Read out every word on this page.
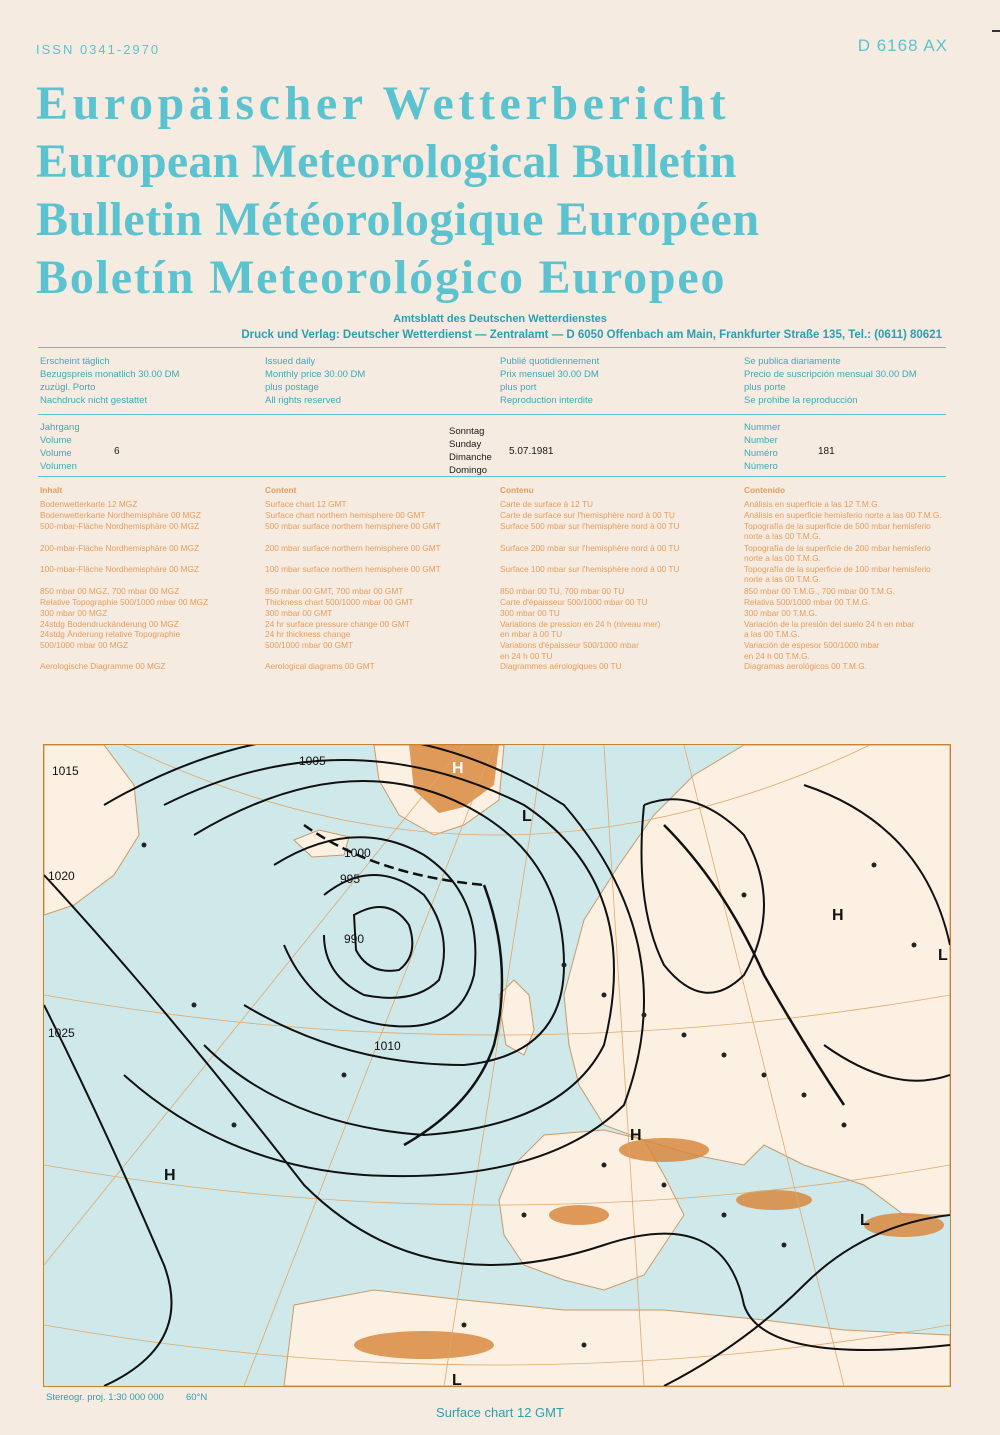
ISSN 0341-2970	D 6168 AX
Europäischer Wetterbericht
European Meteorological Bulletin
Bulletin Météorologique Européen
Boletín Meteorológico Europeo
Amtsblatt des Deutschen Wetterdienstes
Druck und Verlag: Deutscher Wetterdienst — Zentralamt — D 6050 Offenbach am Main, Frankfurter Straße 135, Tel.: (0611) 80621
Erscheint täglich
Bezugspreis monatlich 30.00 DM
zuzügl. Porto
Nachdruck nicht gestattet
Issued daily
Monthly price 30.00 DM
plus postage
All rights reserved
Publié quotidiennement
Prix mensuel 30.00 DM
plus port
Reproduction interdite
Se publica diariamente
Precio de suscripción mensual 30.00 DM
plus porte
Se prohibe la reproducción
Jahrgang
Volume
Volume
Volumen
6
Sonntag
Sunday
Dimanche
Domingo
5.07.1981
Nummer
Number
Numéro
Número
181
Inhalt
Bodenwetterkarte 12 MGZ
Bodenwetterkarte Nordhemisphäre 00 MGZ
500-mbar-Fläche Nordhemisphäre 00 MGZ
200-mbar-Fläche Nordhemisphäre 00 MGZ
100-mbar-Fläche Nordhemisphäre 00 MGZ
850 mbar 00 MGZ, 700 mbar 00 MGZ
Relative Topographie 500/1000 mbar 00 MGZ
300 mbar 00 MGZ
24stdg Bodendruckänderung 00 MGZ
24stdg Änderung relative Topographie
500/1000 mbar 00 MGZ
Aerologische Diagramme 00 MGZ
Content
Surface chart 12 GMT
Surface chart northern hemisphere 00 GMT
500 mbar surface northern hemisphere 00 GMT
200 mbar surface northern hemisphere 00 GMT
100 mbar surface northern hemisphere 00 GMT
850 mbar 00 GMT, 700 mbar 00 GMT
Thickness chart 500/1000 mbar 00 GMT
300 mbar 00 GMT
24 hr surface pressure change 00 GMT
24 hr thickness change
500/1000 mbar 00 GMT
Aerological diagrams 00 GMT
Contenu
Carte de surface à 12 TU
Carte de surface sur l'hemisphère nord à 00 TU
Surface 500 mbar sur l'hemisphère nord à 00 TU
Surface 200 mbar sur l'hemisphère nord à 00 TU
Surface 100 mbar sur l'hemisphère nord à 00 TU
850 mbar 00 TU, 700 mbar 00 TU
Carte d'épaisseur 500/1000 mbar 00 TU
300 mbar 00 TU
Variations de pression en 24 h (niveau mer)
en mbar à 00 TU
Variations d'épaisseur 500/1000 mbar
en 24 h 00 TU
Diagrammes aérologiques 00 TU
Contenido
Análisis en superficie a las 12 T.M.G.
Análisis en superficie hemisferio norte a las 00 T.M.G.
Topografía de la superficie de 500 mbar hemisferio
norte a las 00 T.M.G.
Topografía de la superficie de 200 mbar hemisferio
norte a las 00 T.M.G.
Topografía de la superficie de 100 mbar hemisferio
norte a las 00 T.M.G.
850 mbar 00 T.M.G., 700 mbar 00 T.M.G.
Relativa 500/1000 mbar 00 T.M.G.
300 mbar 00 T.M.G.
Variación de la presión del suelo 24 h en mbar
a las 00 T.M.G.
Variación de espesor 500/1000 mbar
en 24 h 00 T.M.G.
Diagramas aerológicos 00 T.M.G.
1005
1000
995
990
1010
1015
1020
1025
H
L
H
H
H
L
L
L
Stereogr. proj. 1:30 000 000 60°N
Surface chart 12 GMT
